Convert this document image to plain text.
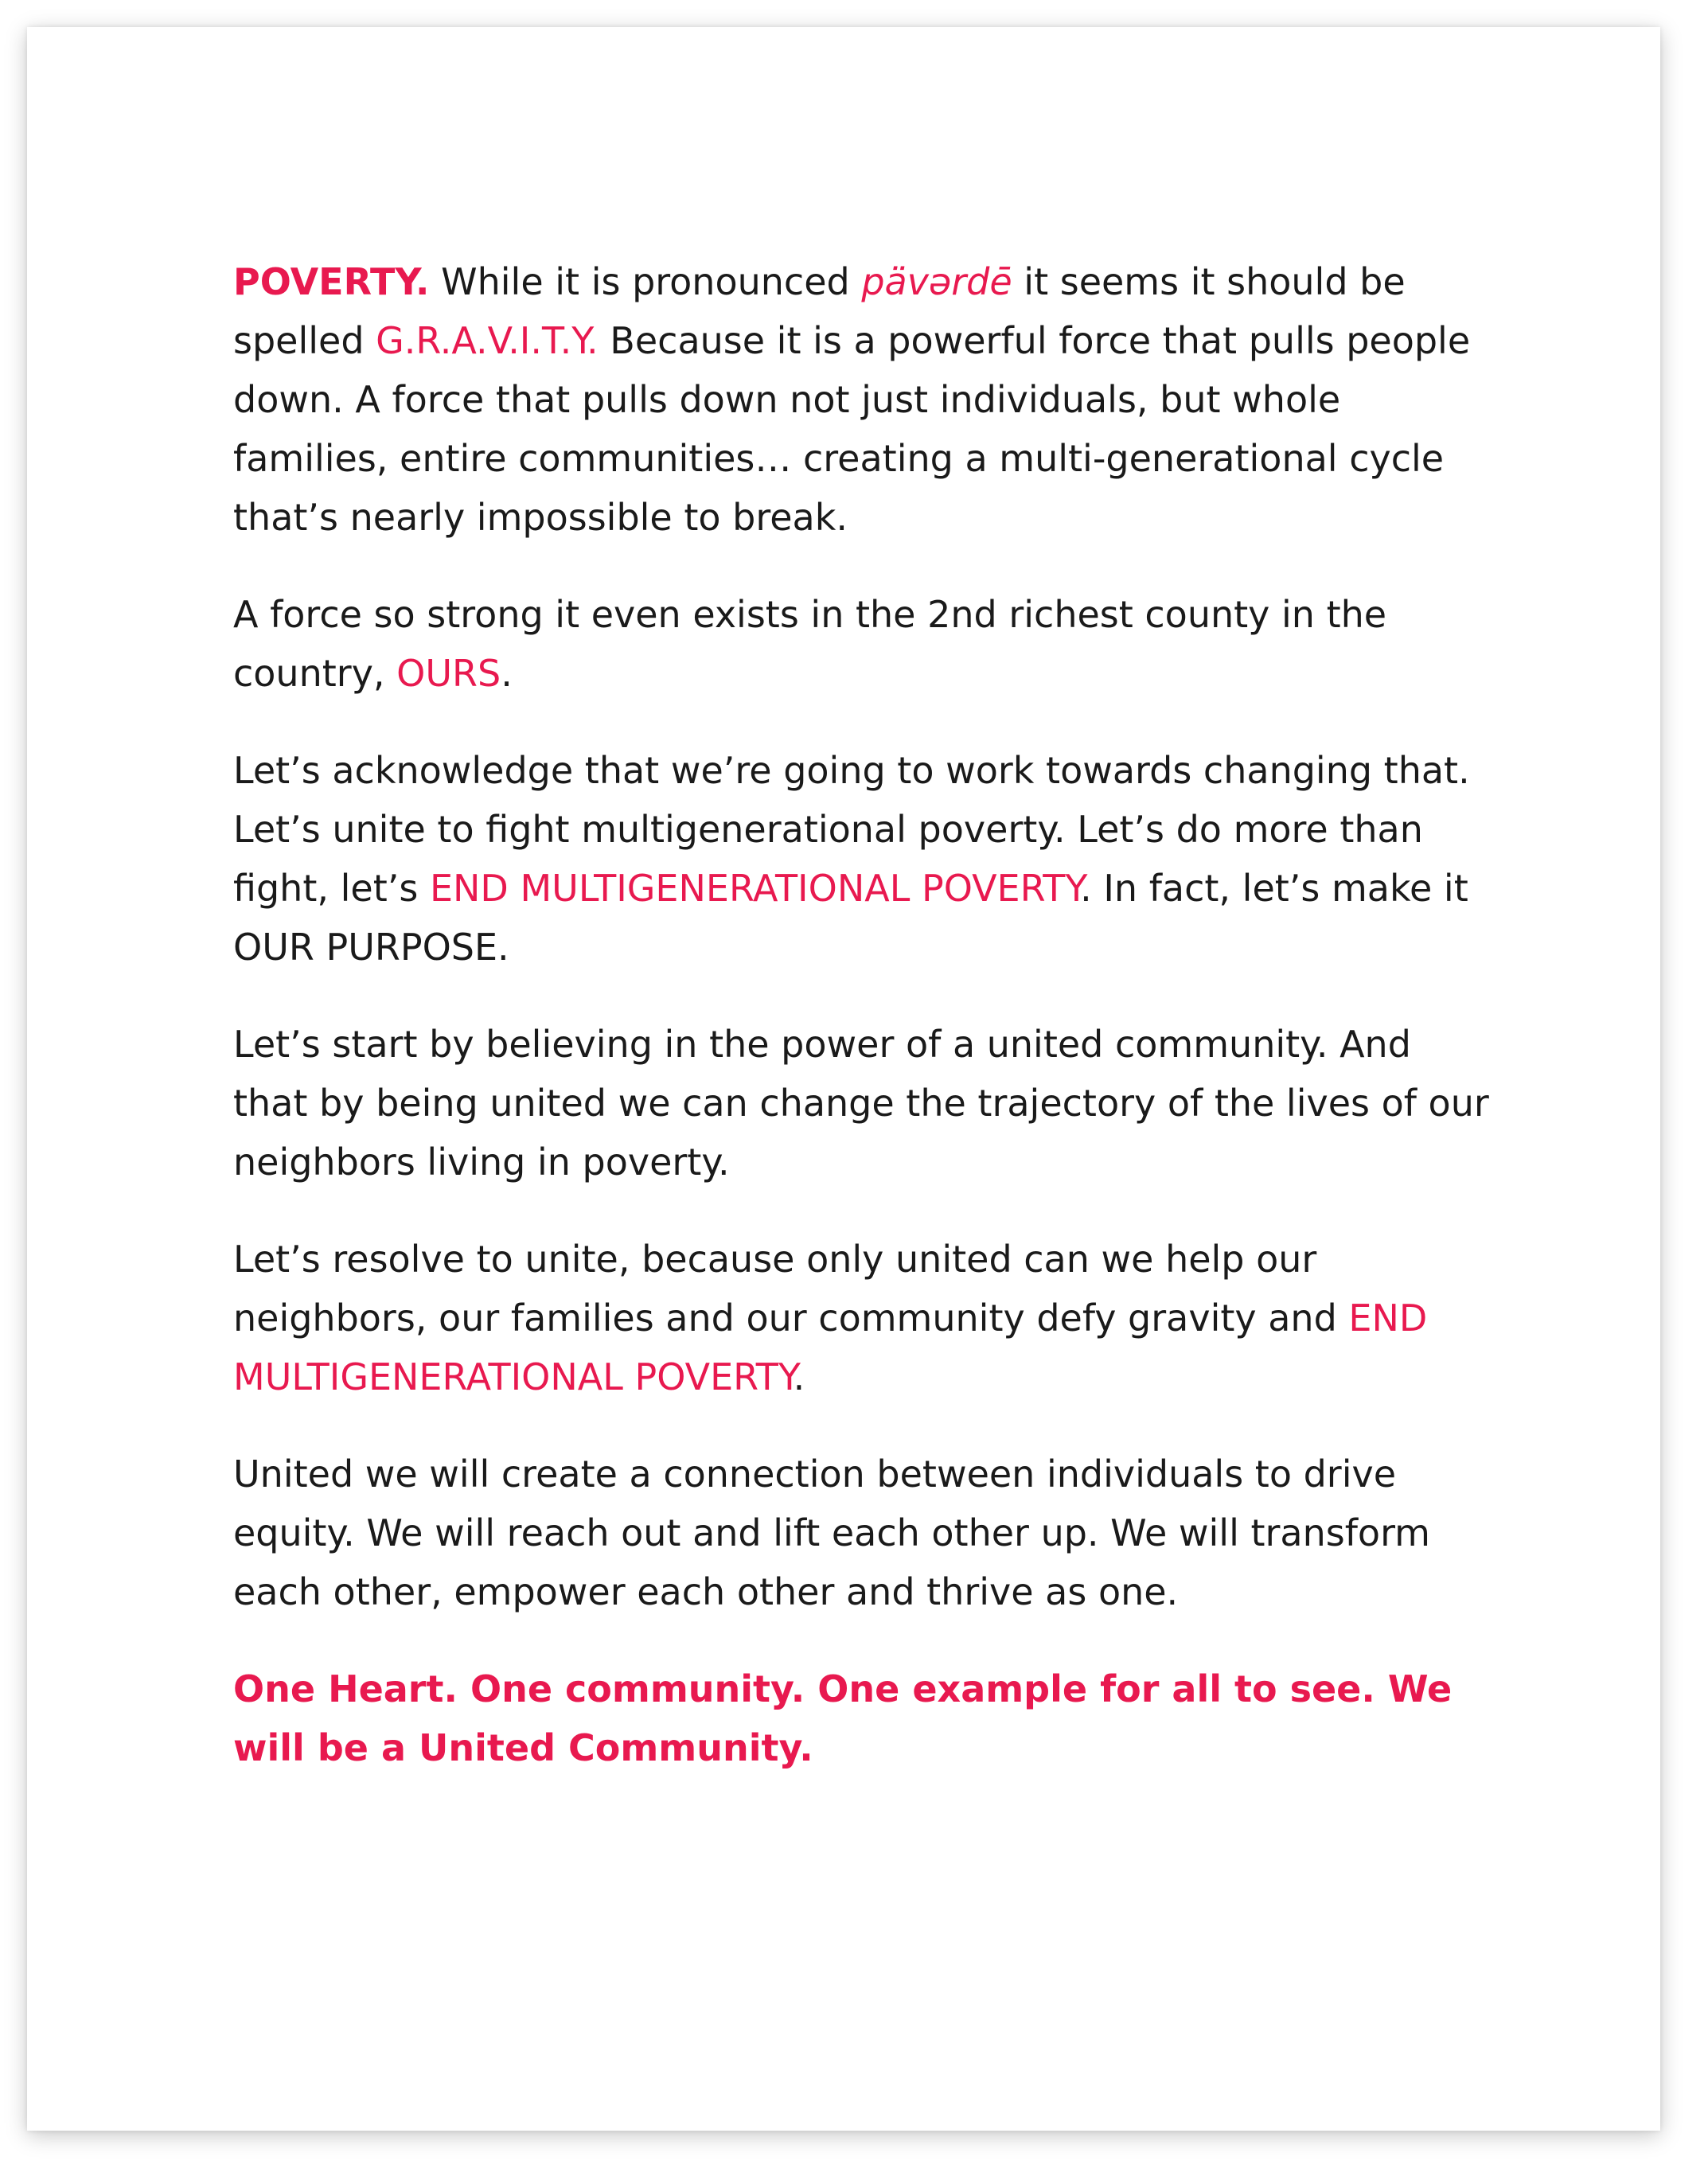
POVERTY. While it is pronounced pävərdē it seems it should be spelled G.R.A.V.I.T.Y. Because it is a powerful force that pulls people down. A force that pulls down not just individuals, but whole families, entire communities… creating a multi-generational cycle that’s nearly impossible to break.

A force so strong it even exists in the 2nd richest county in the country, OURS.

Let’s acknowledge that we’re going to work towards changing that. Let’s unite to fight multigenerational poverty. Let’s do more than fight, let’s END MULTIGENERATIONAL POVERTY. In fact, let’s make it OUR PURPOSE.

Let’s start by believing in the power of a united community. And that by being united we can change the trajectory of the lives of our neighbors living in poverty.

Let’s resolve to unite, because only united can we help our neighbors, our families and our community defy gravity and END MULTIGENERATIONAL POVERTY.

United we will create a connection between individuals to drive equity. We will reach out and lift each other up. We will transform each other, empower each other and thrive as one.

One Heart. One community. One example for all to see. We will be a United Community.
